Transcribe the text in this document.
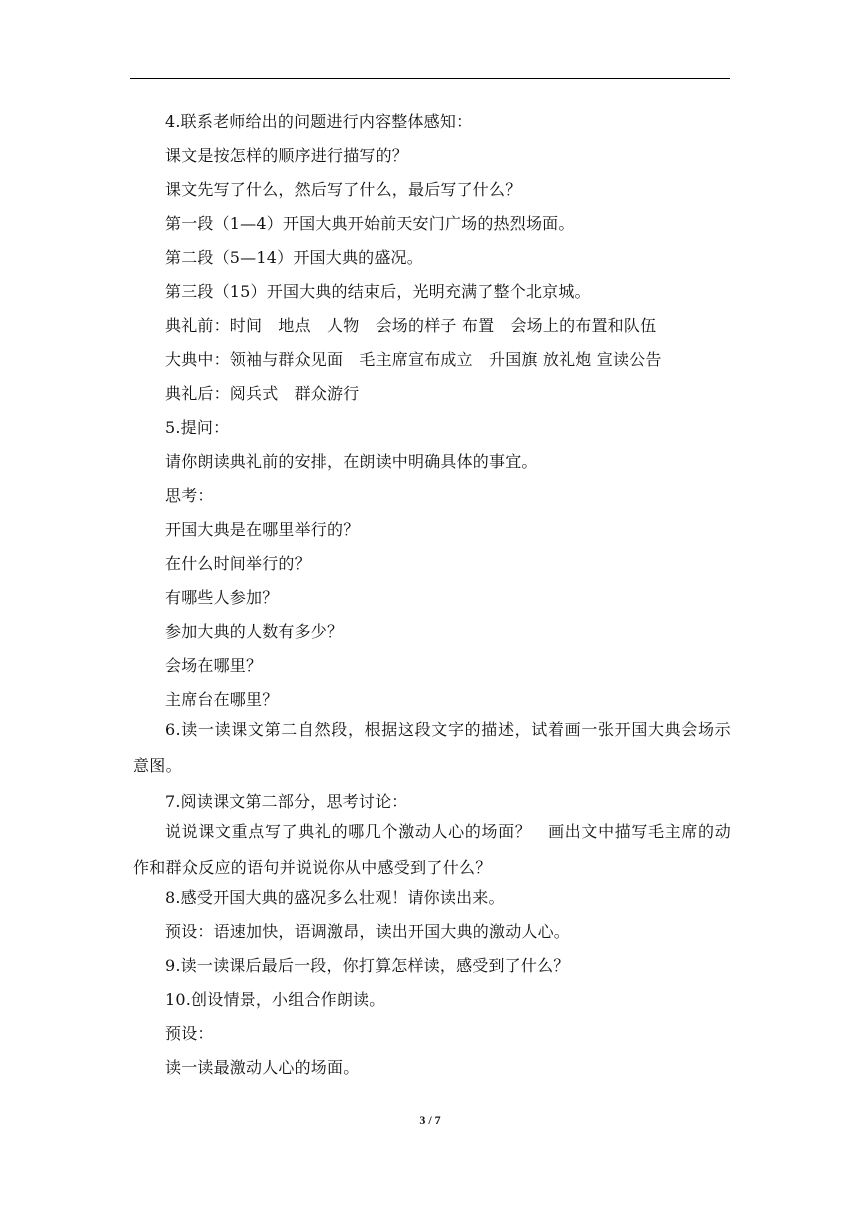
4.联系老师给出的问题进行内容整体感知：
课文是按怎样的顺序进行描写的？
课文先写了什么，然后写了什么，最后写了什么？
第一段（1—4）开国大典开始前天安门广场的热烈场面。
第二段（5—14）开国大典的盛况。
第三段（15）开国大典的结束后，光明充满了整个北京城。
典礼前：时间　地点　人物　会场的样子 布置　会场上的布置和队伍
大典中：领袖与群众见面　毛主席宣布成立　升国旗 放礼炮 宣读公告
典礼后：阅兵式　群众游行
5.提问：
请你朗读典礼前的安排，在朗读中明确具体的事宜。
思考：
开国大典是在哪里举行的？
在什么时间举行的？
有哪些人参加？
参加大典的人数有多少？
会场在哪里？
主席台在哪里？
6.读一读课文第二自然段，根据这段文字的描述，试着画一张开国大典会场示意图。
7.阅读课文第二部分，思考讨论：
说说课文重点写了典礼的哪几个激动人心的场面？　画出文中描写毛主席的动作和群众反应的语句并说说你从中感受到了什么？
8.感受开国大典的盛况多么壮观！请你读出来。
预设：语速加快，语调激昂，读出开国大典的激动人心。
9.读一读课后最后一段，你打算怎样读，感受到了什么？
10.创设情景，小组合作朗读。
预设：
读一读最激动人心的场面。
3 / 7
